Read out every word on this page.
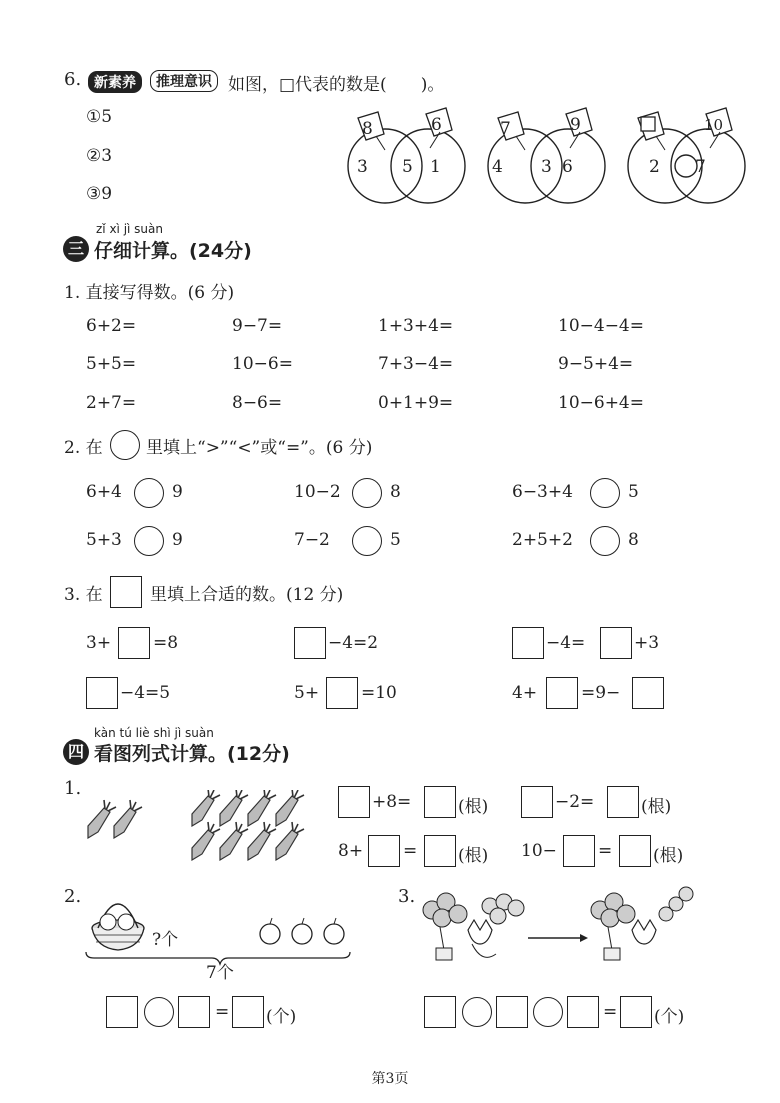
6. 新素养	推理意识 如图，□代表的数是(　　)。
①5
②3
③9
8	6
3 5 1
7	9
4 3 6
10
2 7
zǐ xì jì suàn
三 仔细计算。(24分)
1. 直接写得数。(6 分)
6+2=	9−7=	1+3+4=	10−4−4=
5+5=	10−6=	7+3−4=	9−5+4=
2+7=	8−6=	0+1+9=	10−6+4=
2. 在	里填上“>”“<”或“=”。(6 分)
6+4	9	10−2	8	6−3+4	5
5+3	9	7−2	5	2+5+2	8
3. 在	里填上合适的数。(12 分)
3+ =8	−4=2	−4=	+3
−4=5	5+ =10	4+	=9−
kàn tú liè shì jì suàn
四 看图列式计算。(12分)
1.
+8=	(根)	−2=	(根)
8+ = (根) 10− = (根)
2.
?个
7个
= (个)
3.
= (个)
第3页
